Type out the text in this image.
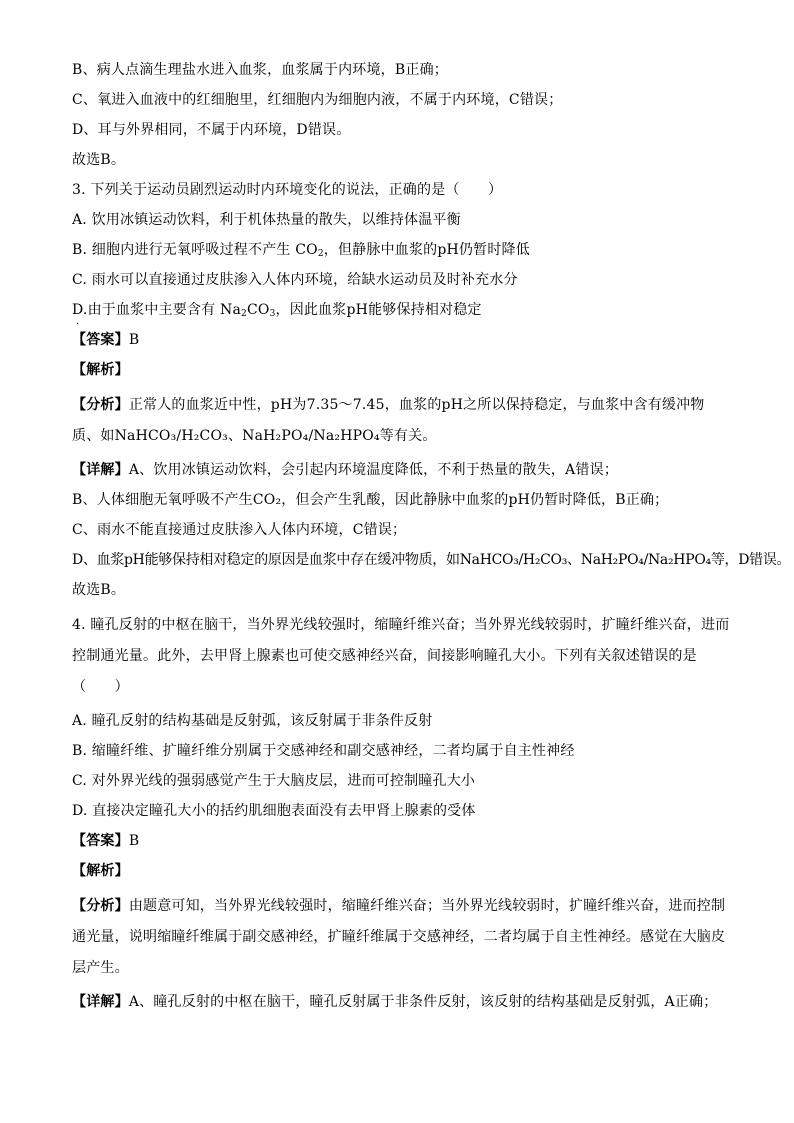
B、病人点滴生理盐水进入血浆，血浆属于内环境，B正确；
C、氧进入血液中的红细胞里，红细胞内为细胞内液，不属于内环境，C错误；
D、耳与外界相同，不属于内环境，D错误。
故选B。
3. 下列关于运动员剧烈运动时内环境变化的说法，正确的是（　　）
A. 饮用冰镇运动饮料，利于机体热量的散失，以维持体温平衡
B. 细胞内进行无氧呼吸过程不产生 $CO_2$，但静脉中血浆的pH仍暂时降低
C. 雨水可以直接通过皮肤渗入人体内环境，给缺水运动员及时补充水分
D.由于血浆中主要含有 $Na_2CO_3$，因此血浆pH能够保持相对稳定
·
【答案】B
【解析】
【分析】正常人的血浆近中性，pH为7.35～7.45，血浆的pH之所以保持稳定，与血浆中含有缓冲物质、如NaHCO₃/H₂CO₃、NaH₂PO₄/Na₂HPO₄等有关。
【详解】A、饮用冰镇运动饮料，会引起内环境温度降低，不利于热量的散失，A错误；
B、人体细胞无氧呼吸不产生CO₂，但会产生乳酸，因此静脉中血浆的pH仍暂时降低，B正确；
C、雨水不能直接通过皮肤渗入人体内环境，C错误；
D、血浆pH能够保持相对稳定的原因是血浆中存在缓冲物质，如NaHCO₃/H₂CO₃、NaH₂PO₄/Na₂HPO₄等，D错误。
故选B。
4. 瞳孔反射的中枢在脑干，当外界光线较强时，缩瞳纤维兴奋；当外界光线较弱时，扩瞳纤维兴奋，进而控制通光量。此外，去甲肾上腺素也可使交感神经兴奋，间接影响瞳孔大小。下列有关叙述错误的是（　　）
A. 瞳孔反射的结构基础是反射弧，该反射属于非条件反射
B. 缩瞳纤维、扩瞳纤维分别属于交感神经和副交感神经，二者均属于自主性神经
C. 对外界光线的强弱感觉产生于大脑皮层，进而可控制瞳孔大小
D. 直接决定瞳孔大小的括约肌细胞表面没有去甲肾上腺素的受体
【答案】B
【解析】
【分析】由题意可知，当外界光线较强时，缩瞳纤维兴奋；当外界光线较弱时，扩瞳纤维兴奋，进而控制通光量，说明缩瞳纤维属于副交感神经，扩瞳纤维属于交感神经，二者均属于自主性神经。感觉在大脑皮层产生。
【详解】A、瞳孔反射的中枢在脑干，瞳孔反射属于非条件反射，该反射的结构基础是反射弧，A正确；
